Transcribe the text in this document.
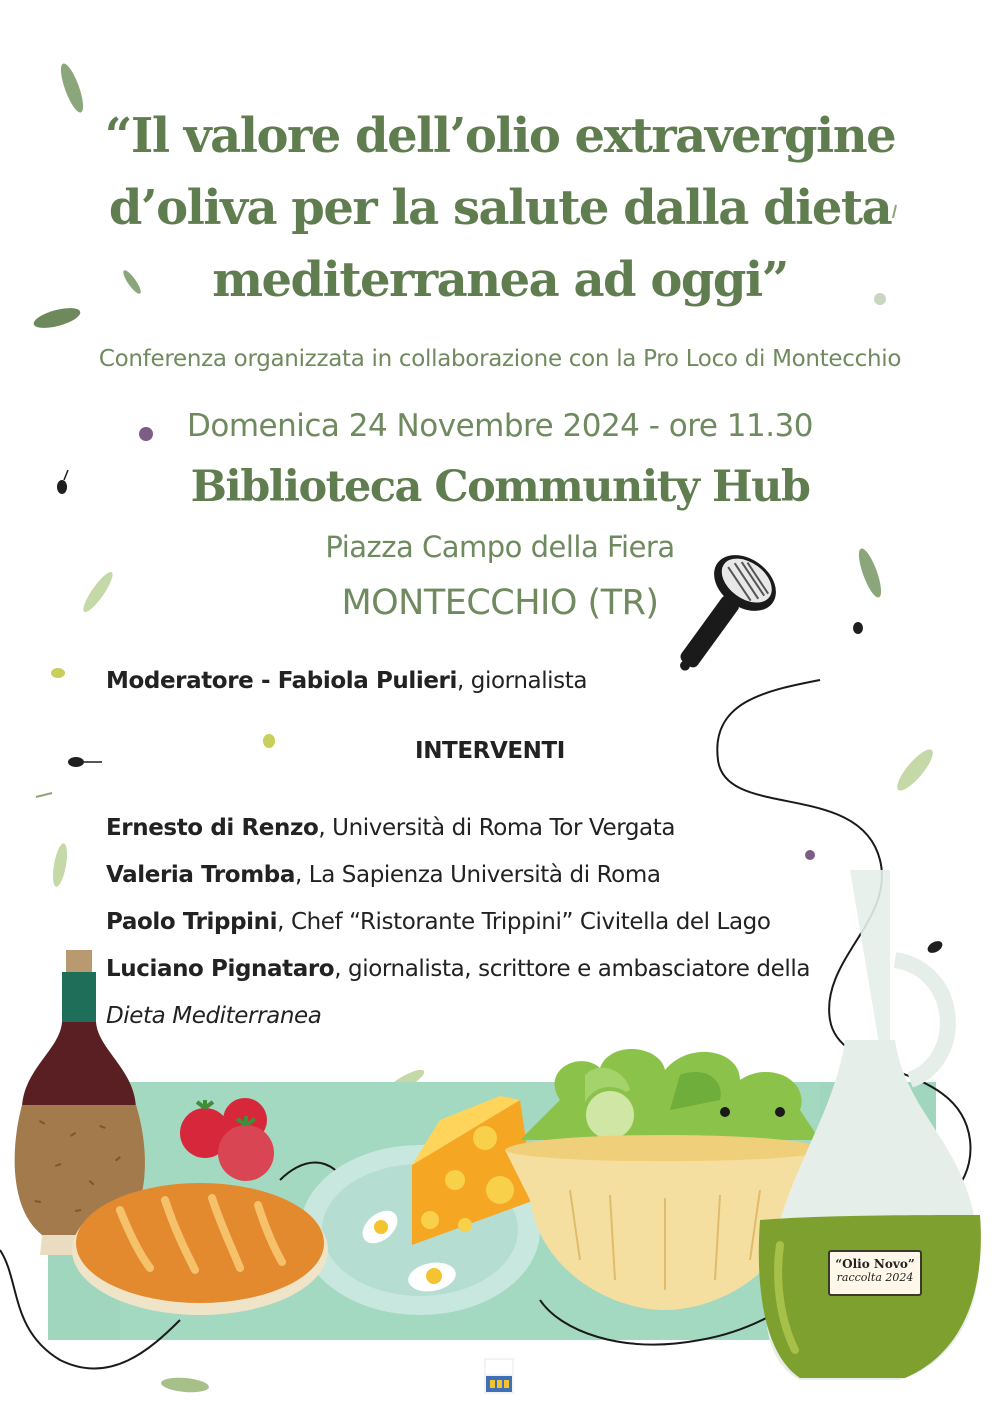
“Il valore dell’olio extravergine
d’oliva per la salute dalla dieta
mediterranea ad oggi”
Conferenza organizzata in collaborazione con la Pro Loco di Montecchio
Domenica 24 Novembre 2024 - ore 11.30
Biblioteca Community Hub
Piazza Campo della Fiera
MONTECCHIO (TR)
Moderatore - Fabiola Pulieri, giornalista
INTERVENTI
Ernesto di Renzo, Università di Roma Tor Vergata
Valeria Tromba, La Sapienza Università di Roma
Paolo Trippini, Chef “Ristorante Trippini” Civitella del Lago
Luciano Pignataro, giornalista, scrittore e ambasciatore della
Dieta Mediterranea
“Olio Novo”
raccolta 2024
